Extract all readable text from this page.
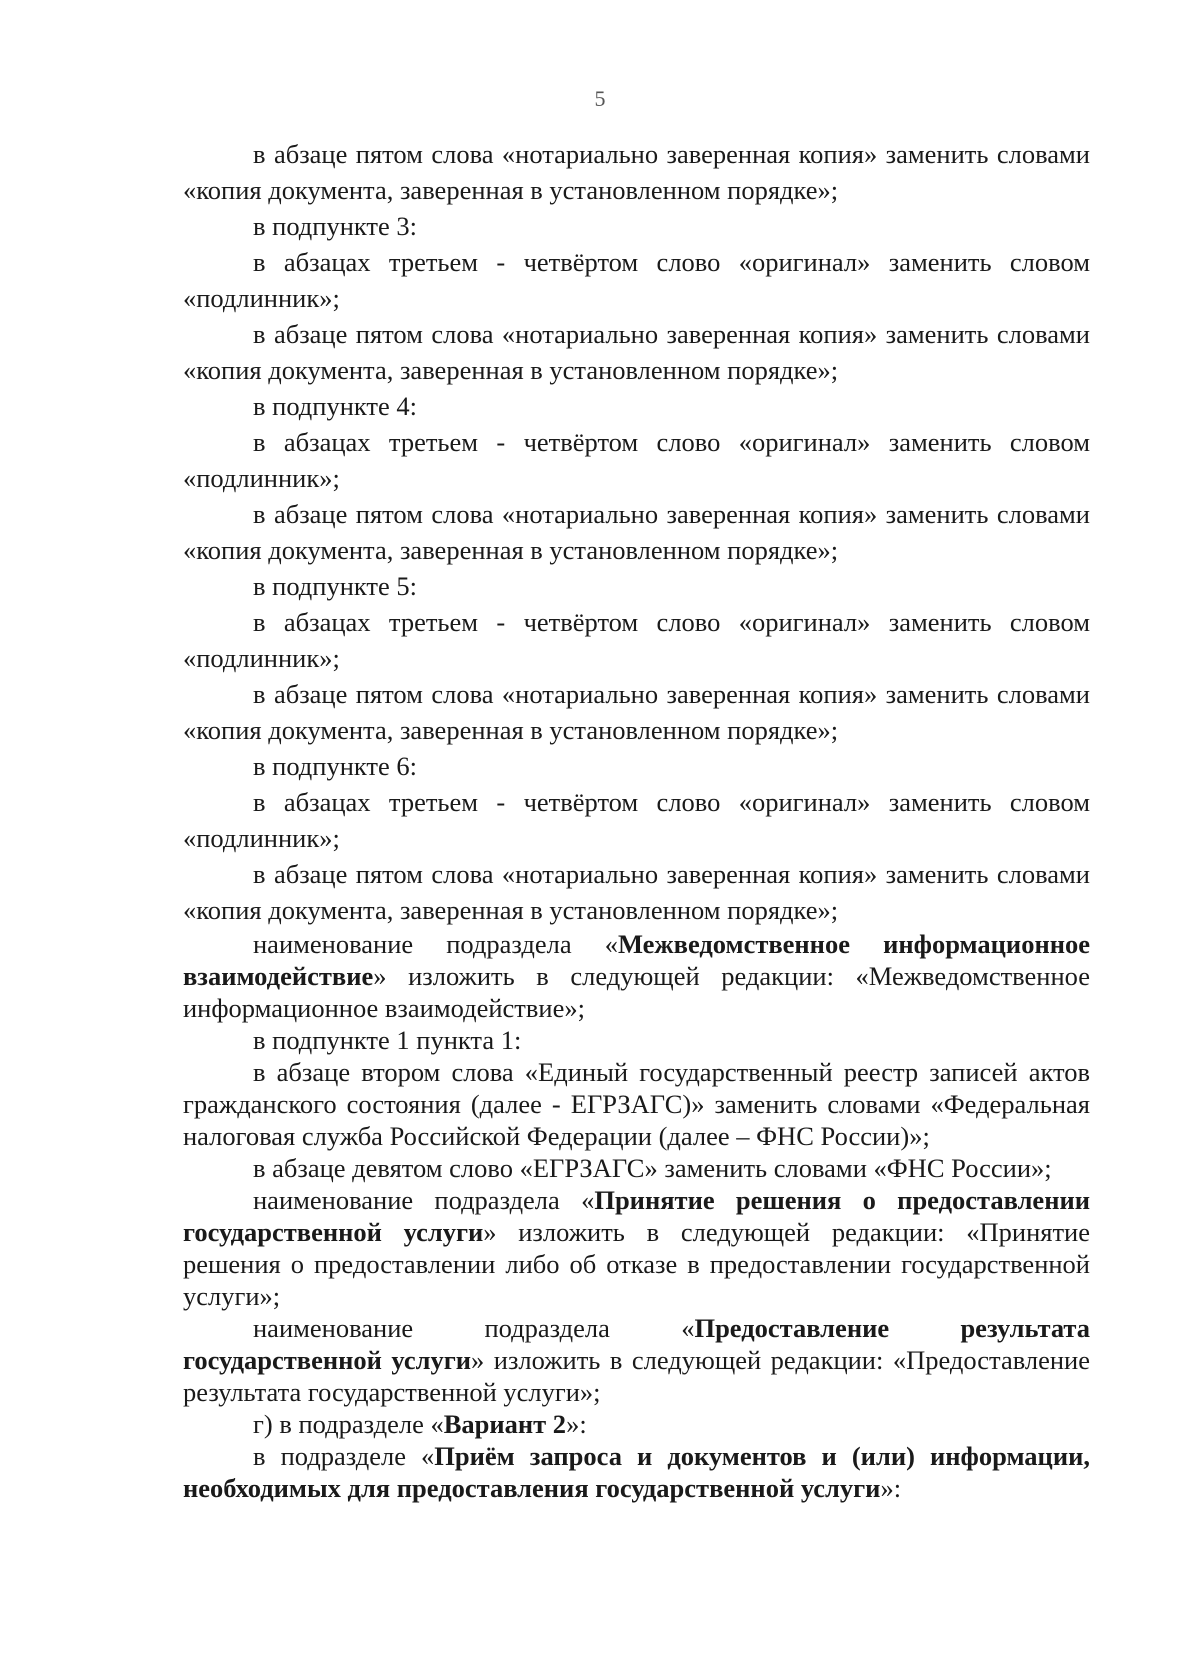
5

в абзаце пятом слова «нотариально заверенная копия» заменить словами «копия документа, заверенная в установленном порядке»;

в подпункте 3:

в абзацах третьем - четвёртом слово «оригинал» заменить словом «подлинник»;

в абзаце пятом слова «нотариально заверенная копия» заменить словами «копия документа, заверенная в установленном порядке»;

в подпункте 4:

в абзацах третьем - четвёртом слово «оригинал» заменить словом «подлинник»;

в абзаце пятом слова «нотариально заверенная копия» заменить словами «копия документа, заверенная в установленном порядке»;

в подпункте 5:

в абзацах третьем - четвёртом слово «оригинал» заменить словом «подлинник»;

в абзаце пятом слова «нотариально заверенная копия» заменить словами «копия документа, заверенная в установленном порядке»;

в подпункте 6:

в абзацах третьем - четвёртом слово «оригинал» заменить словом «подлинник»;

в абзаце пятом слова «нотариально заверенная копия» заменить словами «копия документа, заверенная в установленном порядке»;

наименование подраздела «Межведомственное информационное взаимодействие» изложить в следующей редакции: «Межведомственное информационное взаимодействие»;

в подпункте 1 пункта 1:

в абзаце втором слова «Единый государственный реестр записей актов гражданского состояния (далее - ЕГРЗАГС)» заменить словами «Федеральная налоговая служба Российской Федерации (далее – ФНС России)»;

в абзаце девятом слово «ЕГРЗАГС» заменить словами «ФНС России»;

наименование подраздела «Принятие решения о предоставлении государственной услуги» изложить в следующей редакции: «Принятие решения о предоставлении либо об отказе в предоставлении государственной услуги»;

наименование подраздела «Предоставление результата государственной услуги» изложить в следующей редакции: «Предоставление результата государственной услуги»;

г) в подразделе «Вариант 2»:

в подразделе «Приём запроса и документов и (или) информации, необходимых для предоставления государственной услуги»:
